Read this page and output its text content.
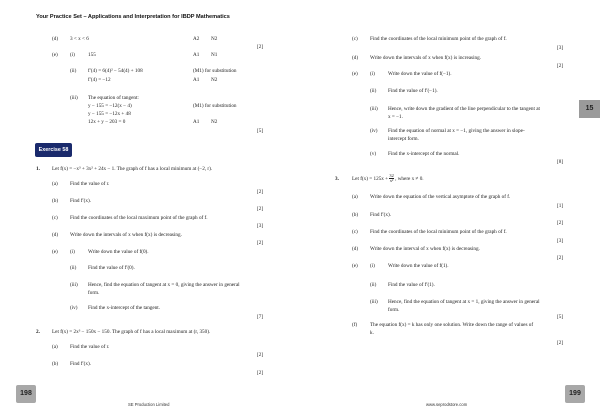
Your Practice Set – Applications and Interpretation for IBDP Mathematics
(d) 3 < x < 6	A2 N2
[2]
(e) (i)	155	A1 N1
(ii) f′(4) = 6(4)² − 54(4) + 108	(M1) for substitution
f′(4) = −12	A1 N2
(iii) The equation of tangent:
y − 155 = −12(x − 4)	(M1) for substitution
y − 155 = −12x + 48
12x + y − 203 = 0	A1 N2
[5]
Exercise 58
1. Let f(x) = −x³ + 3x² + 24x − 1. The graph of f has a local minimum at (−2, r).
(a) Find the value of r.
[2]
(b) Find f′(x).
[2]
(c) Find the coordinates of the local maximum point of the graph of f.
[3]
(d) Write down the intervals of x when f(x) is decreasing.
[2]
(e) (i)	Write down the value of f(0).
(ii) Find the value of f′(0).
(iii) Hence, find the equation of tangent at x = 0, giving the answer in general
form.
(iv) Find the x-intercept of the tangent.
[7]
2. Let f(x) = 2x³ − 150x − 150. The graph of f has a local maximum at (r, 350).
(a) Find the value of r.
[2]
(b) Find f′(x).
[2]
198
SE Production Limited
(c) Find the coordinates of the local minimum point of the graph of f.
[3]
(d) Write down the intervals of x when f(x) is increasing.
[2]
(e) (i)	Write down the value of f(−1).
(ii) Find the value of f′(−1).
(iii) Hence, write down the gradient of the line perpendicular to the tangent at
x = −1.
(iv) Find the equation of normal at x = −1, giving the answer in slope-
intercept form.
(v) Find the x-intercept of the normal.
[8]
15
3.	Let $f(x) = 125x + \frac{32}{\text{x²}}$ , where x ≠ 0.
(a) Write down the equation of the vertical asymptote of the graph of f.
[1]
(b) Find f′(x).
[2]
(c) Find the coordinates of the local minimum point of the graph of f.
[3]
(d) Write down the interval of x when f(x) is decreasing.
[2]
(e) (i)	Write down the value of f(1).
(ii) Find the value of f′(1).
(iii) Hence, find the equation of tangent at x = 1, giving the answer in general
form.
[5]
(f) The equation f(x) = k has only one solution. Write down the range of values of
k.
[2]
199
www.seprodstore.com
